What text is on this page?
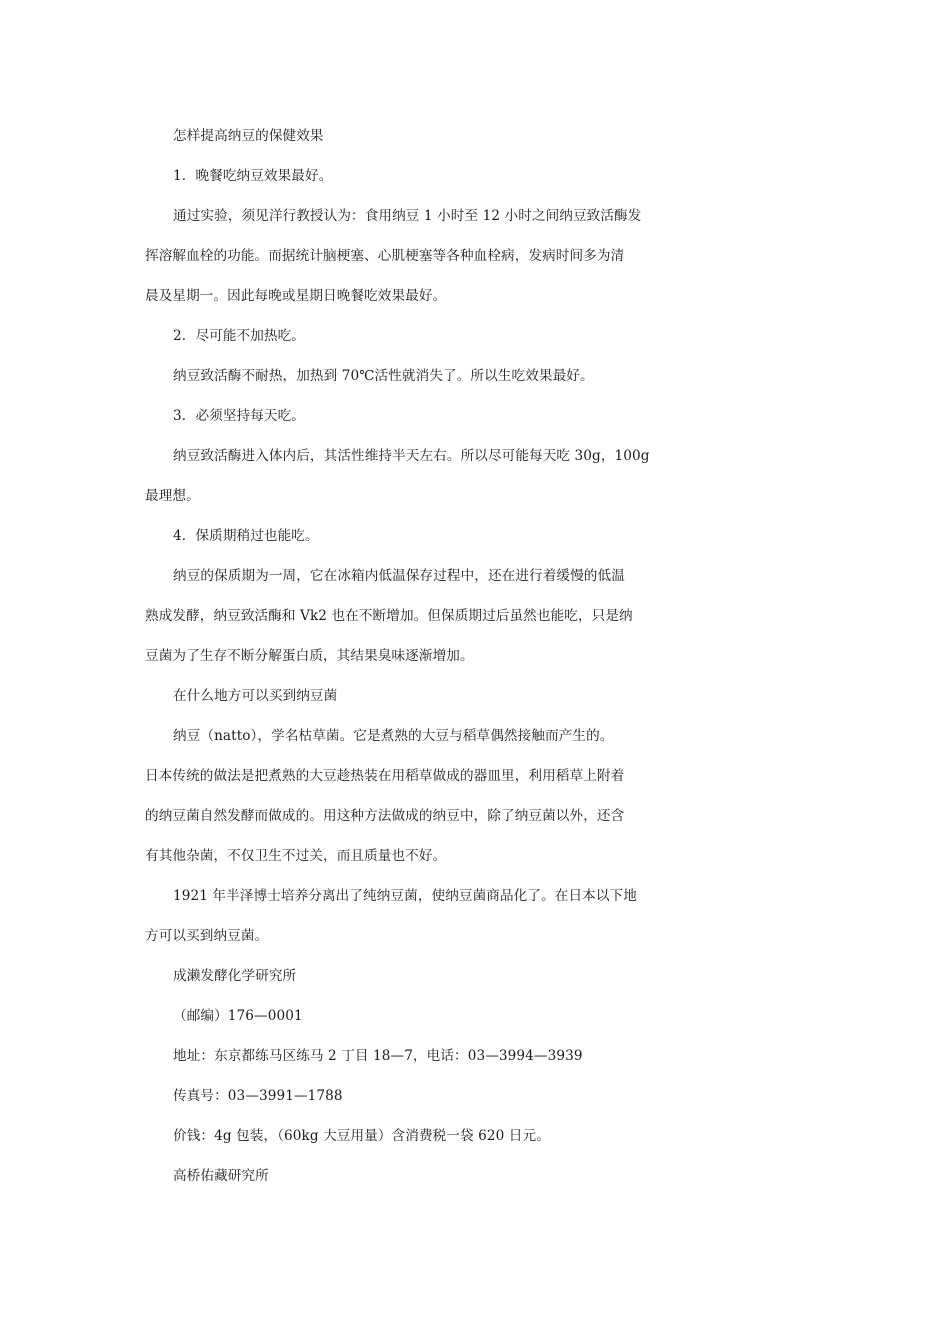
怎样提高纳豆的保健效果
1．晚餐吃纳豆效果最好。
通过实验，须见洋行教授认为：食用纳豆 1 小时至 12 小时之间纳豆致活酶发
挥溶解血栓的功能。而据统计脑梗塞、心肌梗塞等各种血栓病，发病时间多为清
晨及星期一。因此每晚或星期日晚餐吃效果最好。
2．尽可能不加热吃。
纳豆致活酶不耐热，加热到 70℃活性就消失了。所以生吃效果最好。
3．必须坚持每天吃。
纳豆致活酶进入体内后，其活性维持半天左右。所以尽可能每天吃 30g，100g
最理想。
4．保质期稍过也能吃。
纳豆的保质期为一周，它在冰箱内低温保存过程中，还在进行着缓慢的低温
熟成发酵，纳豆致活酶和 Vk2 也在不断增加。但保质期过后虽然也能吃，只是纳
豆菌为了生存不断分解蛋白质，其结果臭味逐渐增加。
在什么地方可以买到纳豆菌
纳豆（natto），学名枯草菌。它是煮熟的大豆与稻草偶然接触而产生的。
日本传统的做法是把煮熟的大豆趁热装在用稻草做成的器皿里，利用稻草上附着
的纳豆菌自然发酵而做成的。用这种方法做成的纳豆中，除了纳豆菌以外，还含
有其他杂菌，不仅卫生不过关，而且质量也不好。
1921 年半泽博士培养分离出了纯纳豆菌，使纳豆菌商品化了。在日本以下地
方可以买到纳豆菌。
成濑发酵化学研究所
（邮编）176—0001
地址：东京都练马区练马 2 丁目 18—7，电话：03—3994—3939
传真号：03—3991—1788
价钱：4g 包装，（60kg 大豆用量）含消费税一袋 620 日元。
高桥佑藏研究所
